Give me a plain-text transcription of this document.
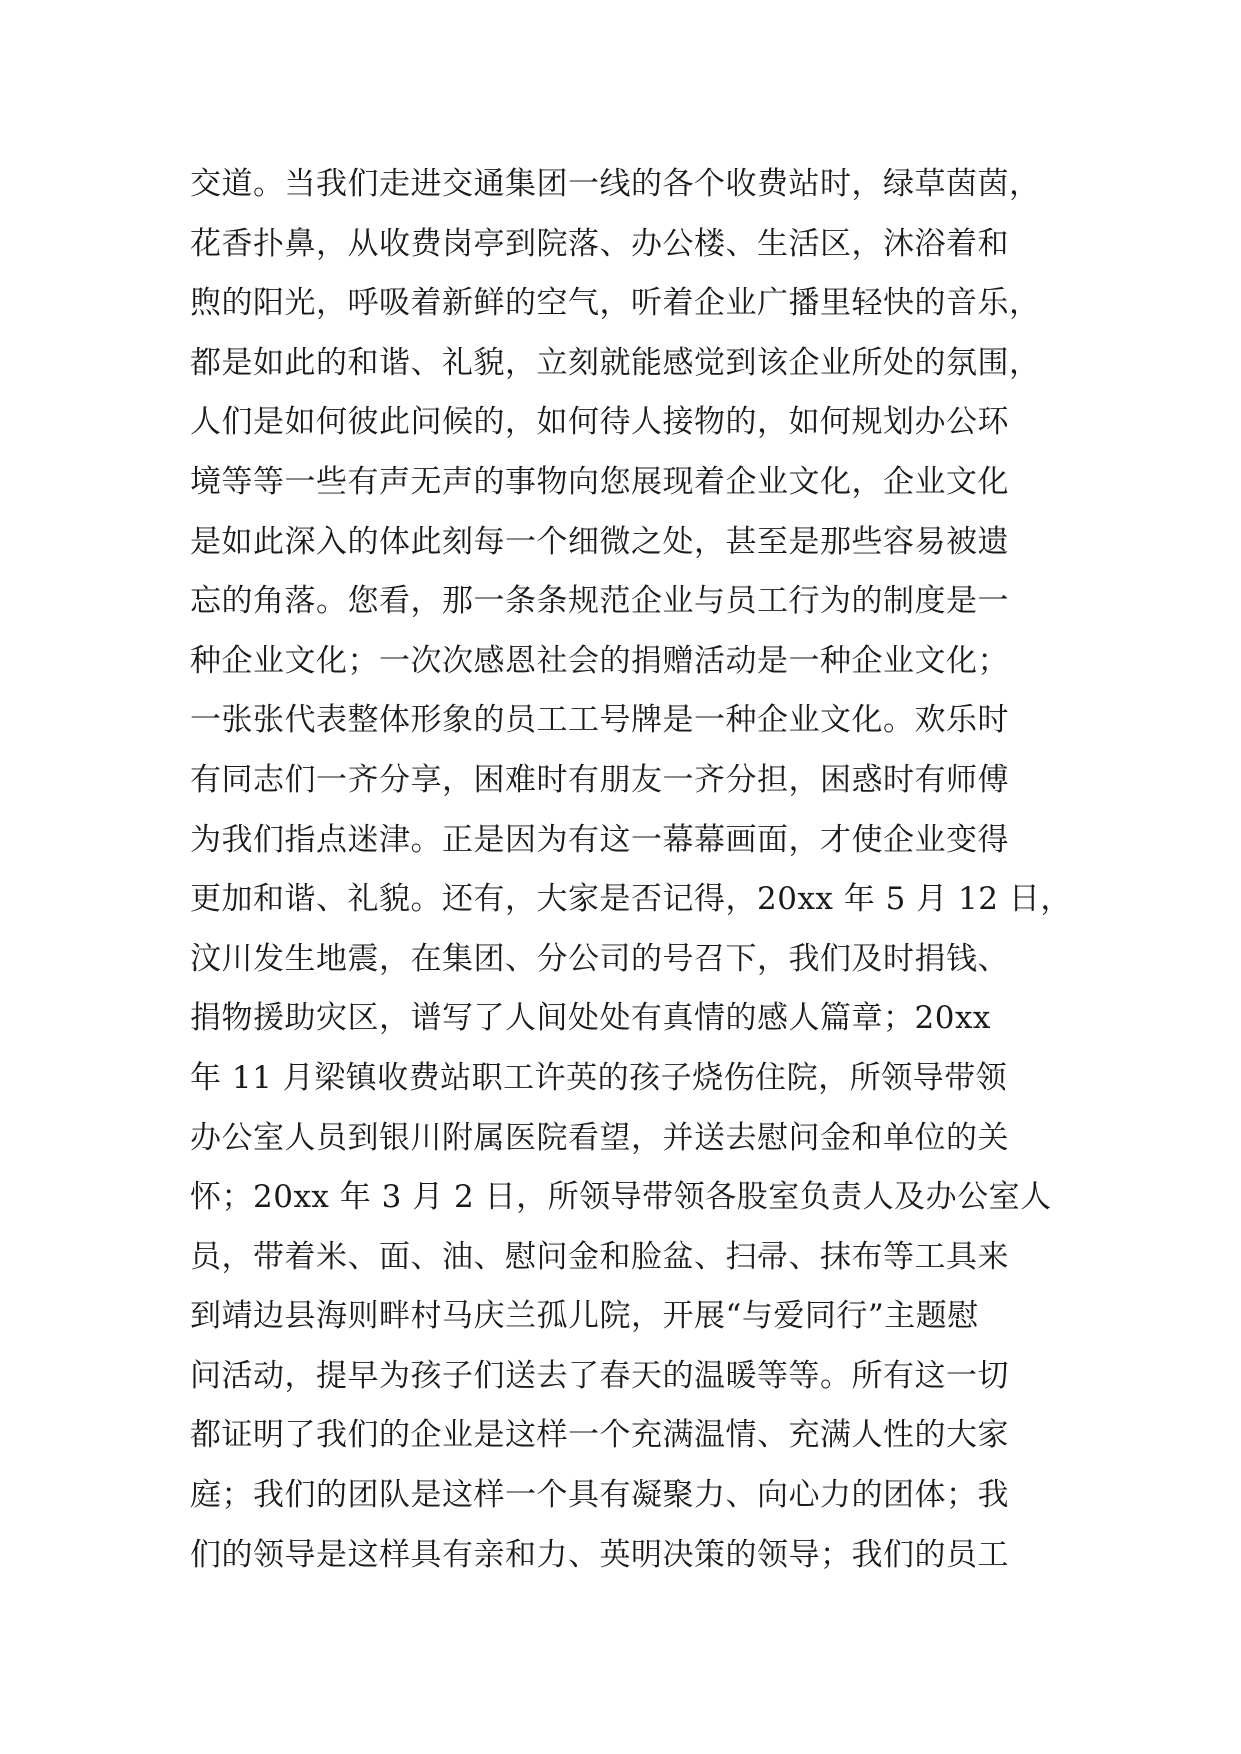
交道。当我们走进交通集团一线的各个收费站时，绿草茵茵，
花香扑鼻，从收费岗亭到院落、办公楼、生活区，沐浴着和
煦的阳光，呼吸着新鲜的空气，听着企业广播里轻快的音乐，
都是如此的和谐、礼貌，立刻就能感觉到该企业所处的氛围，
人们是如何彼此问候的，如何待人接物的，如何规划办公环
境等等一些有声无声的事物向您展现着企业文化，企业文化
是如此深入的体此刻每一个细微之处，甚至是那些容易被遗
忘的角落。您看，那一条条规范企业与员工行为的制度是一
种企业文化；一次次感恩社会的捐赠活动是一种企业文化；
一张张代表整体形象的员工工号牌是一种企业文化。欢乐时
有同志们一齐分享，困难时有朋友一齐分担，困惑时有师傅
为我们指点迷津。正是因为有这一幕幕画面，才使企业变得
更加和谐、礼貌。还有，大家是否记得，20xx 年 5 月 12 日，
汶川发生地震，在集团、分公司的号召下，我们及时捐钱、
捐物援助灾区，谱写了人间处处有真情的感人篇章；20xx
年 11 月梁镇收费站职工许英的孩子烧伤住院，所领导带领
办公室人员到银川附属医院看望，并送去慰问金和单位的关
怀；20xx 年 3 月 2 日，所领导带领各股室负责人及办公室人
员，带着米、面、油、慰问金和脸盆、扫帚、抹布等工具来
到靖边县海则畔村马庆兰孤儿院，开展“与爱同行”主题慰
问活动，提早为孩子们送去了春天的温暖等等。所有这一切
都证明了我们的企业是这样一个充满温情、充满人性的大家
庭；我们的团队是这样一个具有凝聚力、向心力的团体；我
们的领导是这样具有亲和力、英明决策的领导；我们的员工
